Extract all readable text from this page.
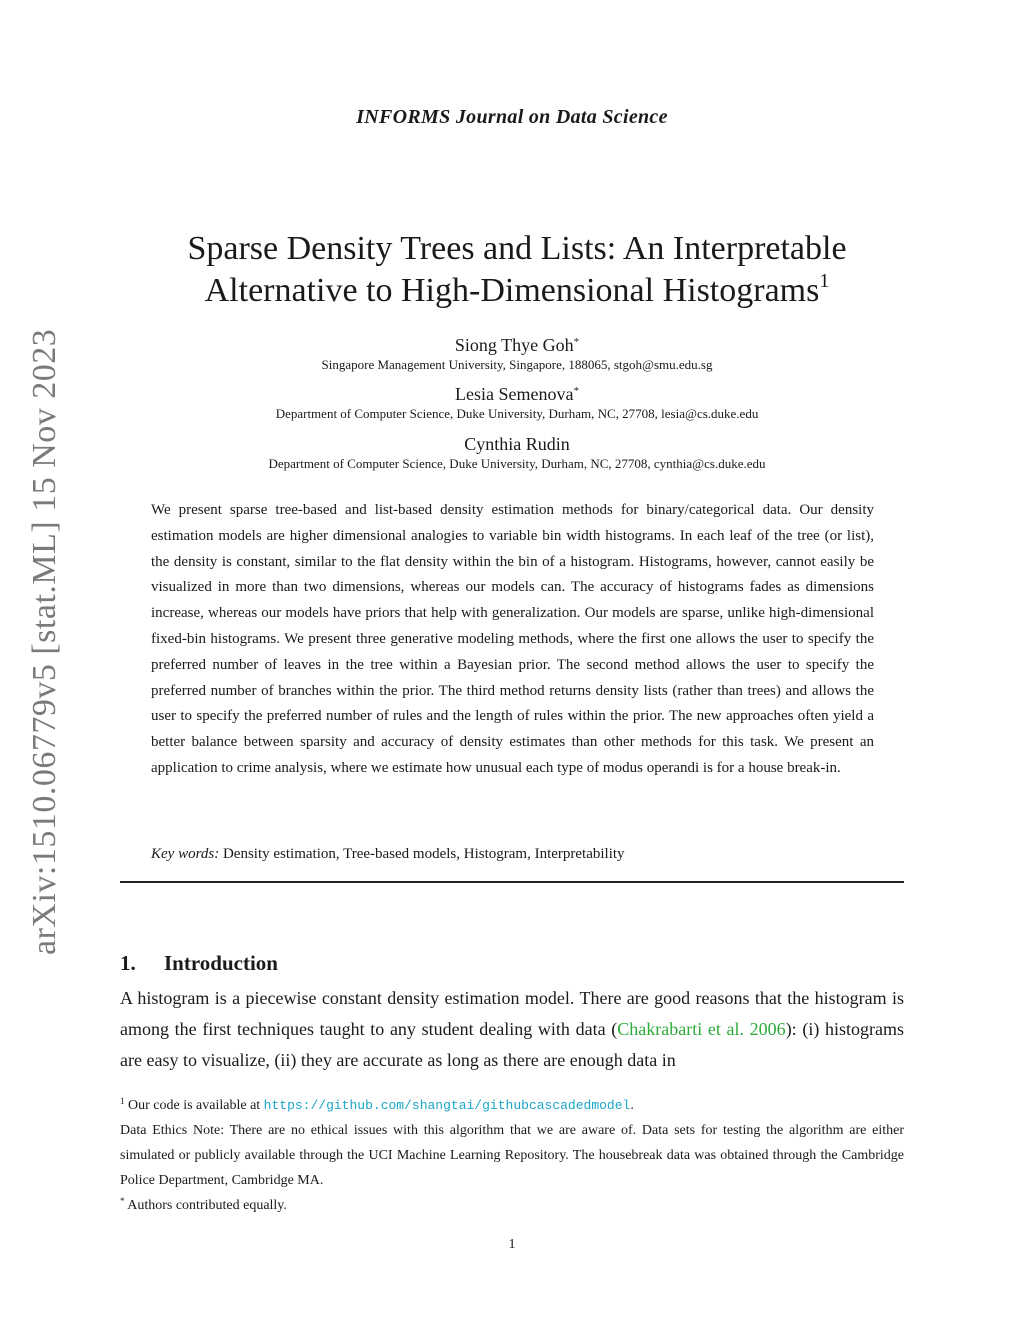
arXiv:1510.06779v5 [stat.ML] 15 Nov 2023
INFORMS Journal on Data Science
Sparse Density Trees and Lists: An Interpretable
Alternative to High-Dimensional Histograms$^1$
Siong Thye Goh*
Singapore Management University, Singapore, 188065, stgoh@smu.edu.sg
Lesia Semenova*
Department of Computer Science, Duke University, Durham, NC, 27708, lesia@cs.duke.edu
Cynthia Rudin
Department of Computer Science, Duke University, Durham, NC, 27708, cynthia@cs.duke.edu

We present sparse tree-based and list-based density estimation methods for binary/categorical data. Our density estimation models are higher dimensional analogies to variable bin width histograms. In each leaf of the tree (or list), the density is constant, similar to the flat density within the bin of a histogram. Histograms, however, cannot easily be visualized in more than two dimensions, whereas our models can. The accuracy of histograms fades as dimensions increase, whereas our models have priors that help with generalization. Our models are sparse, unlike high-dimensional fixed-bin histograms. We present three generative modeling methods, where the first one allows the user to specify the preferred number of leaves in the tree within a Bayesian prior. The second method allows the user to specify the preferred number of branches within the prior. The third method returns density lists (rather than trees) and allows the user to specify the preferred number of rules and the length of rules within the prior. The new approaches often yield a better balance between sparsity and accuracy of density estimates than other methods for this task. We present an application to crime analysis, where we estimate how unusual each type of modus operandi is for a house break-in.

Key words: Density estimation, Tree-based models, Histogram, Interpretability
1. Introduction

A histogram is a piecewise constant density estimation model. There are good reasons that the histogram is among the first techniques taught to any student dealing with data (Chakrabarti et al. 2006): (i) histograms are easy to visualize, (ii) they are accurate as long as there are enough data in

$^1$ Our code is available at https://github.com/shangtai/githubcascadedmodel.

Data Ethics Note: There are no ethical issues with this algorithm that we are aware of. Data sets for testing the algorithm are either simulated or publicly available through the UCI Machine Learning Repository. The housebreak data was obtained through the Cambridge Police Department, Cambridge MA.

* Authors contributed equally.

1
